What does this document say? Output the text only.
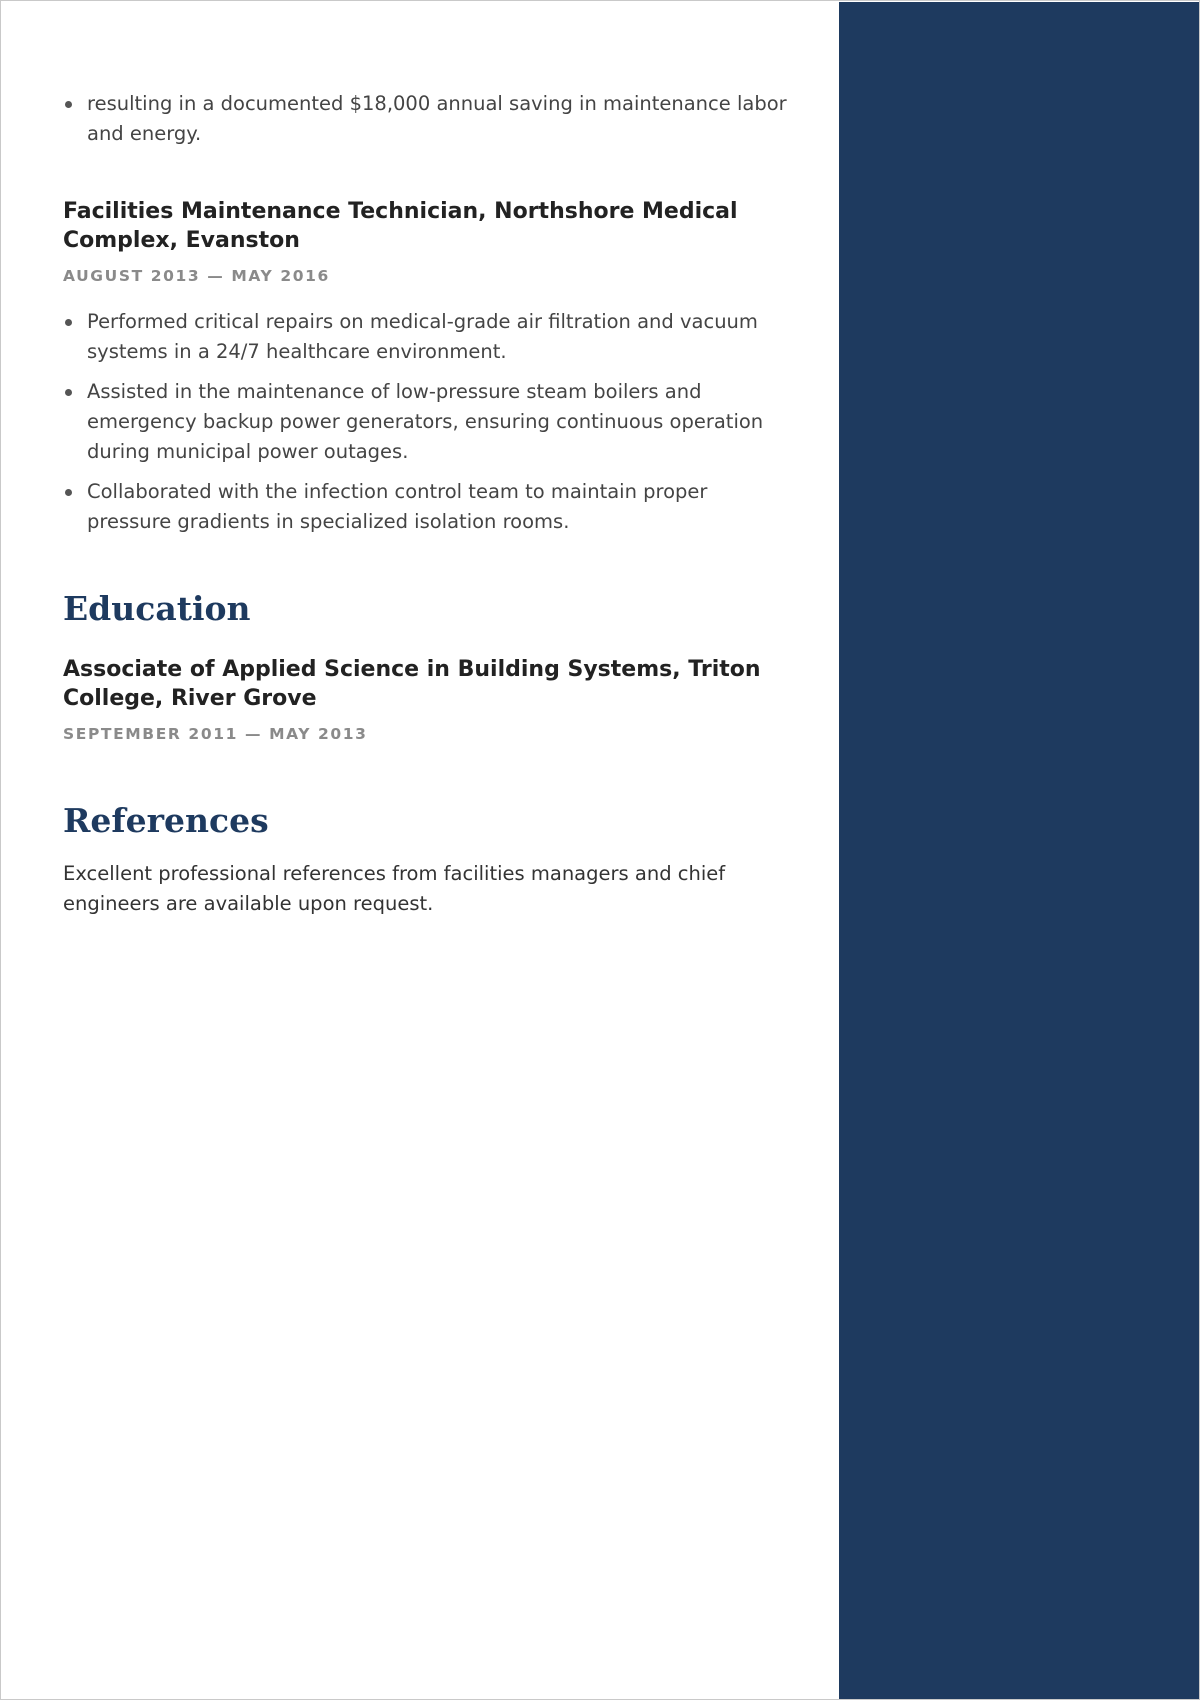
resulting in a documented $18,000 annual saving in maintenance labor and energy.
Facilities Maintenance Technician, Northshore Medical Complex, Evanston
AUGUST 2013 — MAY 2016
Performed critical repairs on medical-grade air filtration and vacuum systems in a 24/7 healthcare environment.
Assisted in the maintenance of low-pressure steam boilers and emergency backup power generators, ensuring continuous operation during municipal power outages.
Collaborated with the infection control team to maintain proper pressure gradients in specialized isolation rooms.
Education
Associate of Applied Science in Building Systems, Triton College, River Grove
SEPTEMBER 2011 — MAY 2013
References

Excellent professional references from facilities managers and chief engineers are available upon request.
